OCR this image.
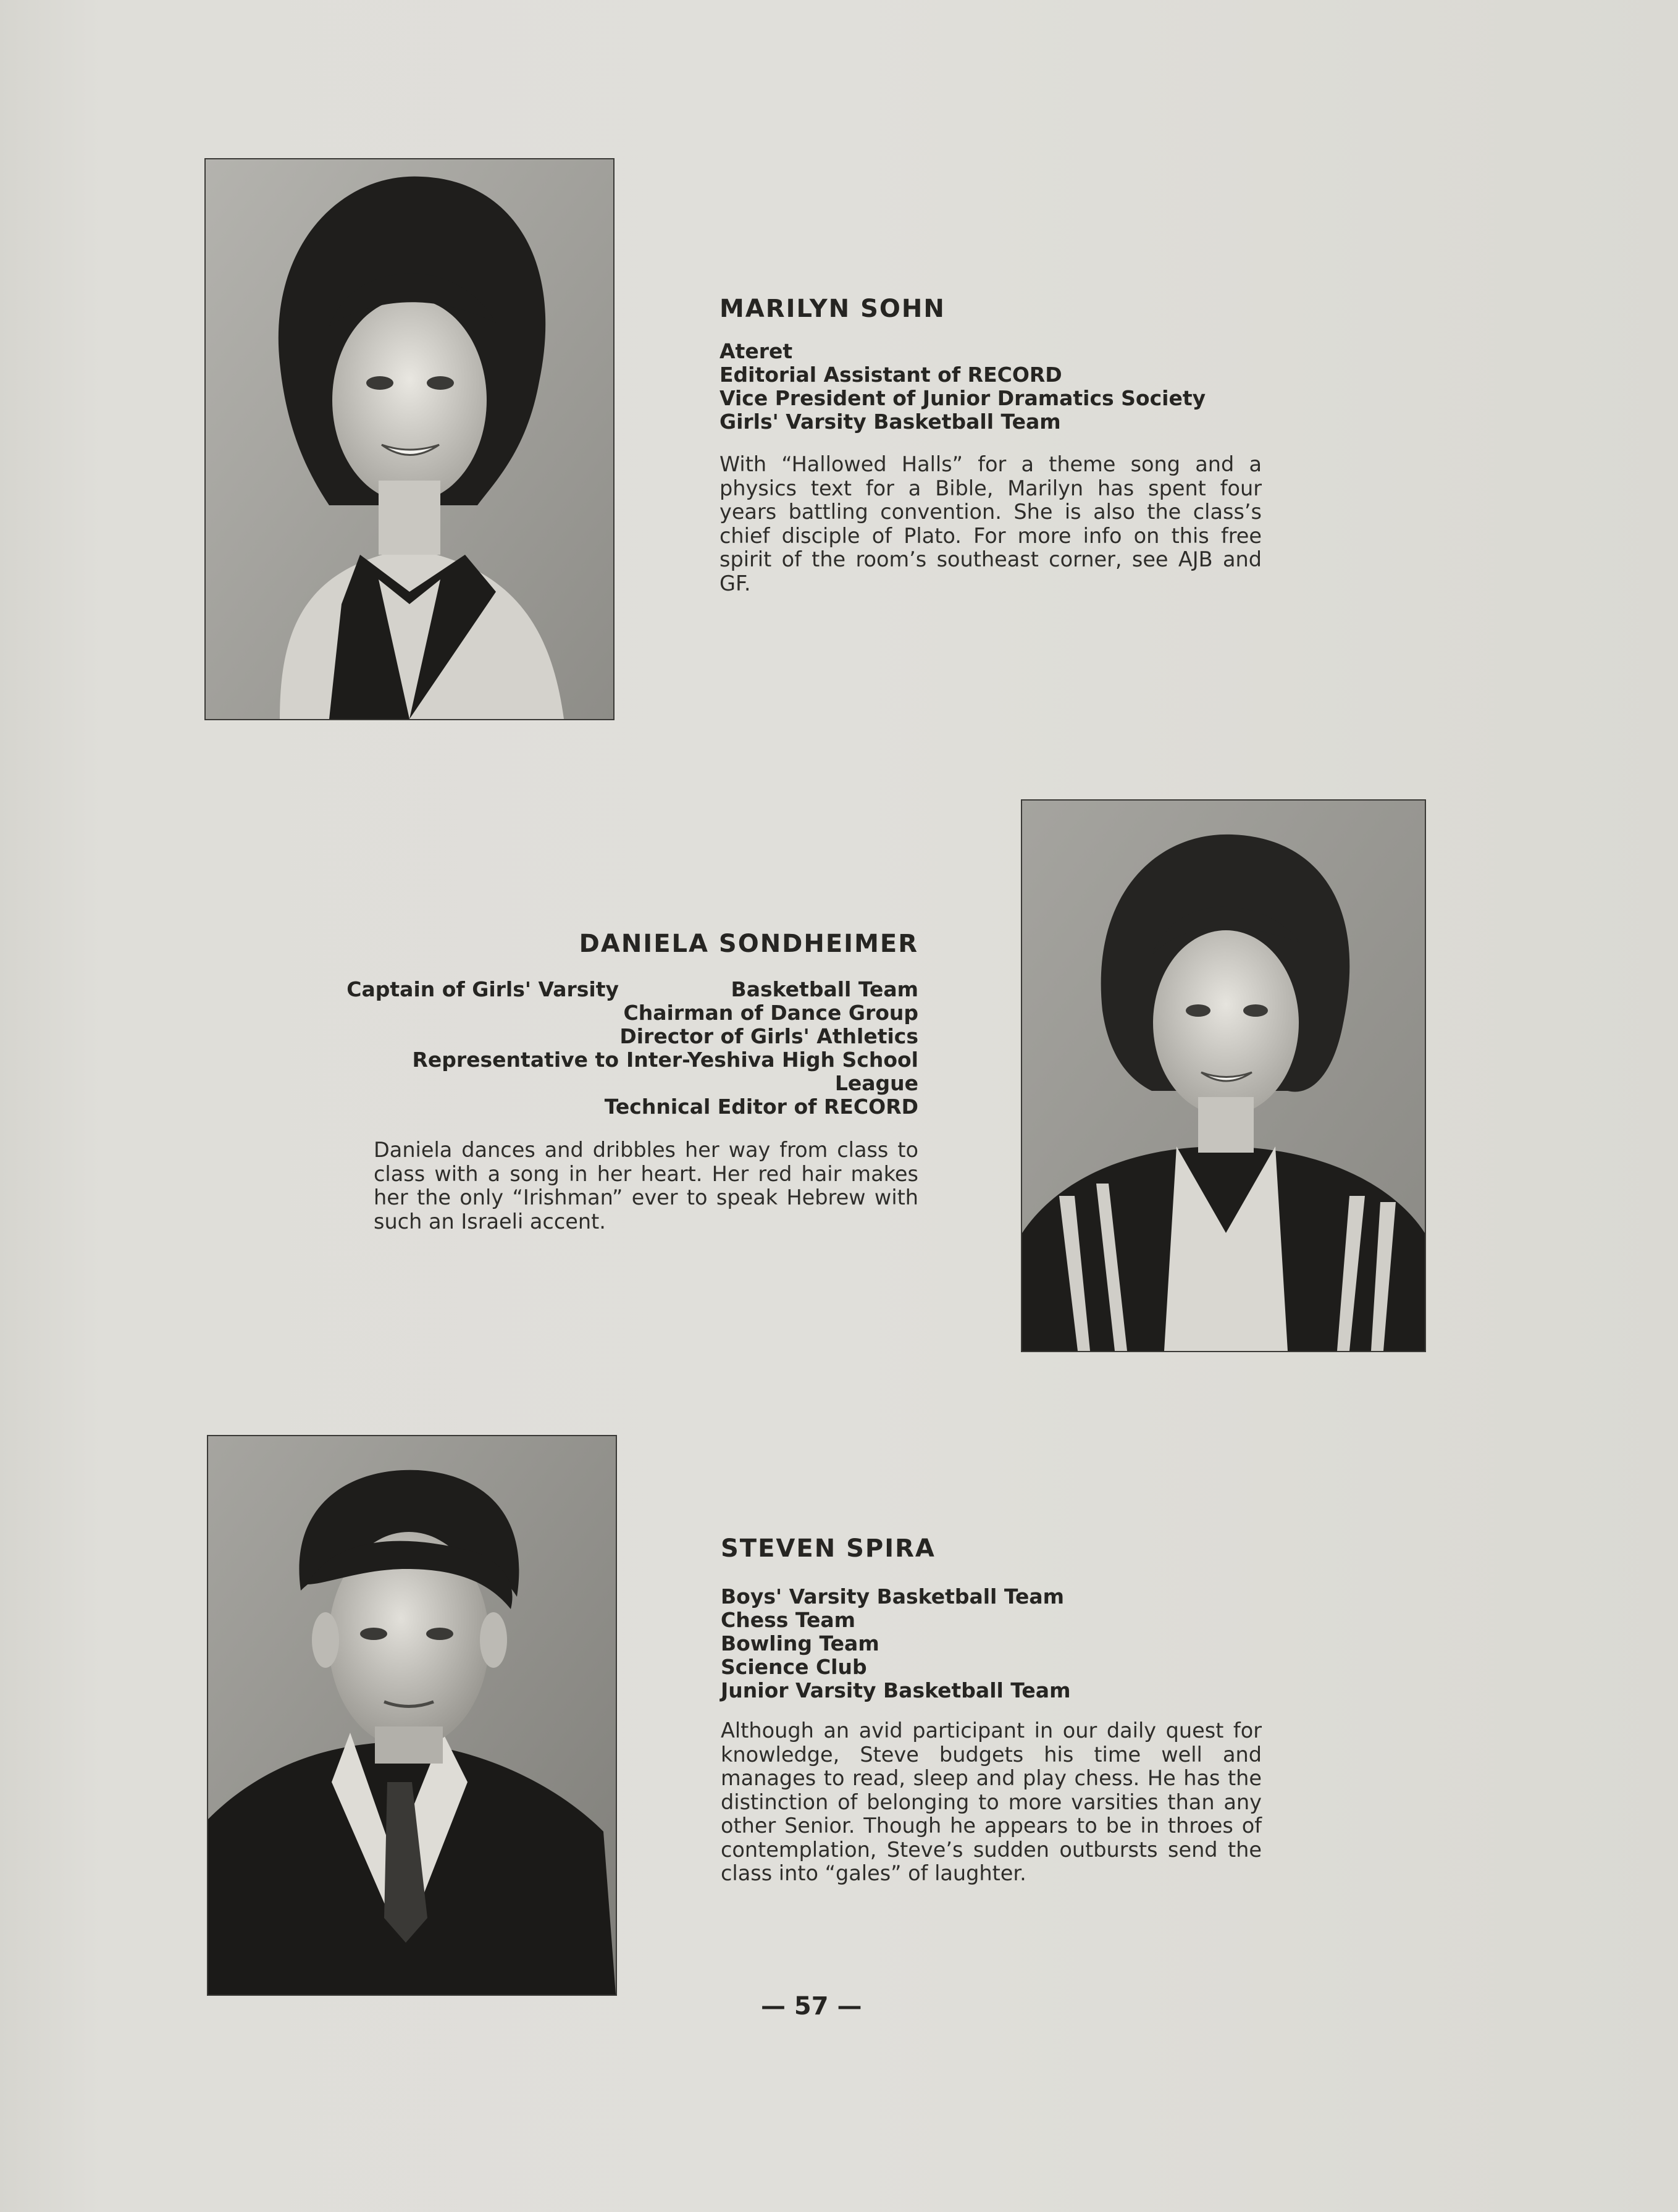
MARILYN SOHN
Ateret
Editorial Assistant of RECORD
Vice President of Junior Dramatics Society
Girls' Varsity Basketball Team
With “Hallowed Halls” for a theme song and a physics text for a Bible, Marilyn has spent four years battling convention. She is also the class’s chief disciple of Plato. For more info on this free spirit of the room’s southeast corner, see AJB and GF.
DANIELA SONDHEIMER
Captain of Girls' Varsity	Basketball Team
Chairman of Dance Group
Director of Girls' Athletics
Representative to Inter-Yeshiva High School
League
Technical Editor of RECORD
Daniela dances and dribbles her way from class to class with a song in her heart. Her red hair makes her the only “Irishman” ever to speak Hebrew with such an Israeli accent.
STEVEN SPIRA
Boys' Varsity Basketball Team
Chess Team
Bowling Team
Science Club
Junior Varsity Basketball Team
Although an avid participant in our daily quest for knowledge, Steve budgets his time well and manages to read, sleep and play chess. He has the distinction of belonging to more varsities than any other Senior. Though he appears to be in throes of contemplation, Steve’s sudden outbursts send the class into “gales” of laughter.
— 57 —
